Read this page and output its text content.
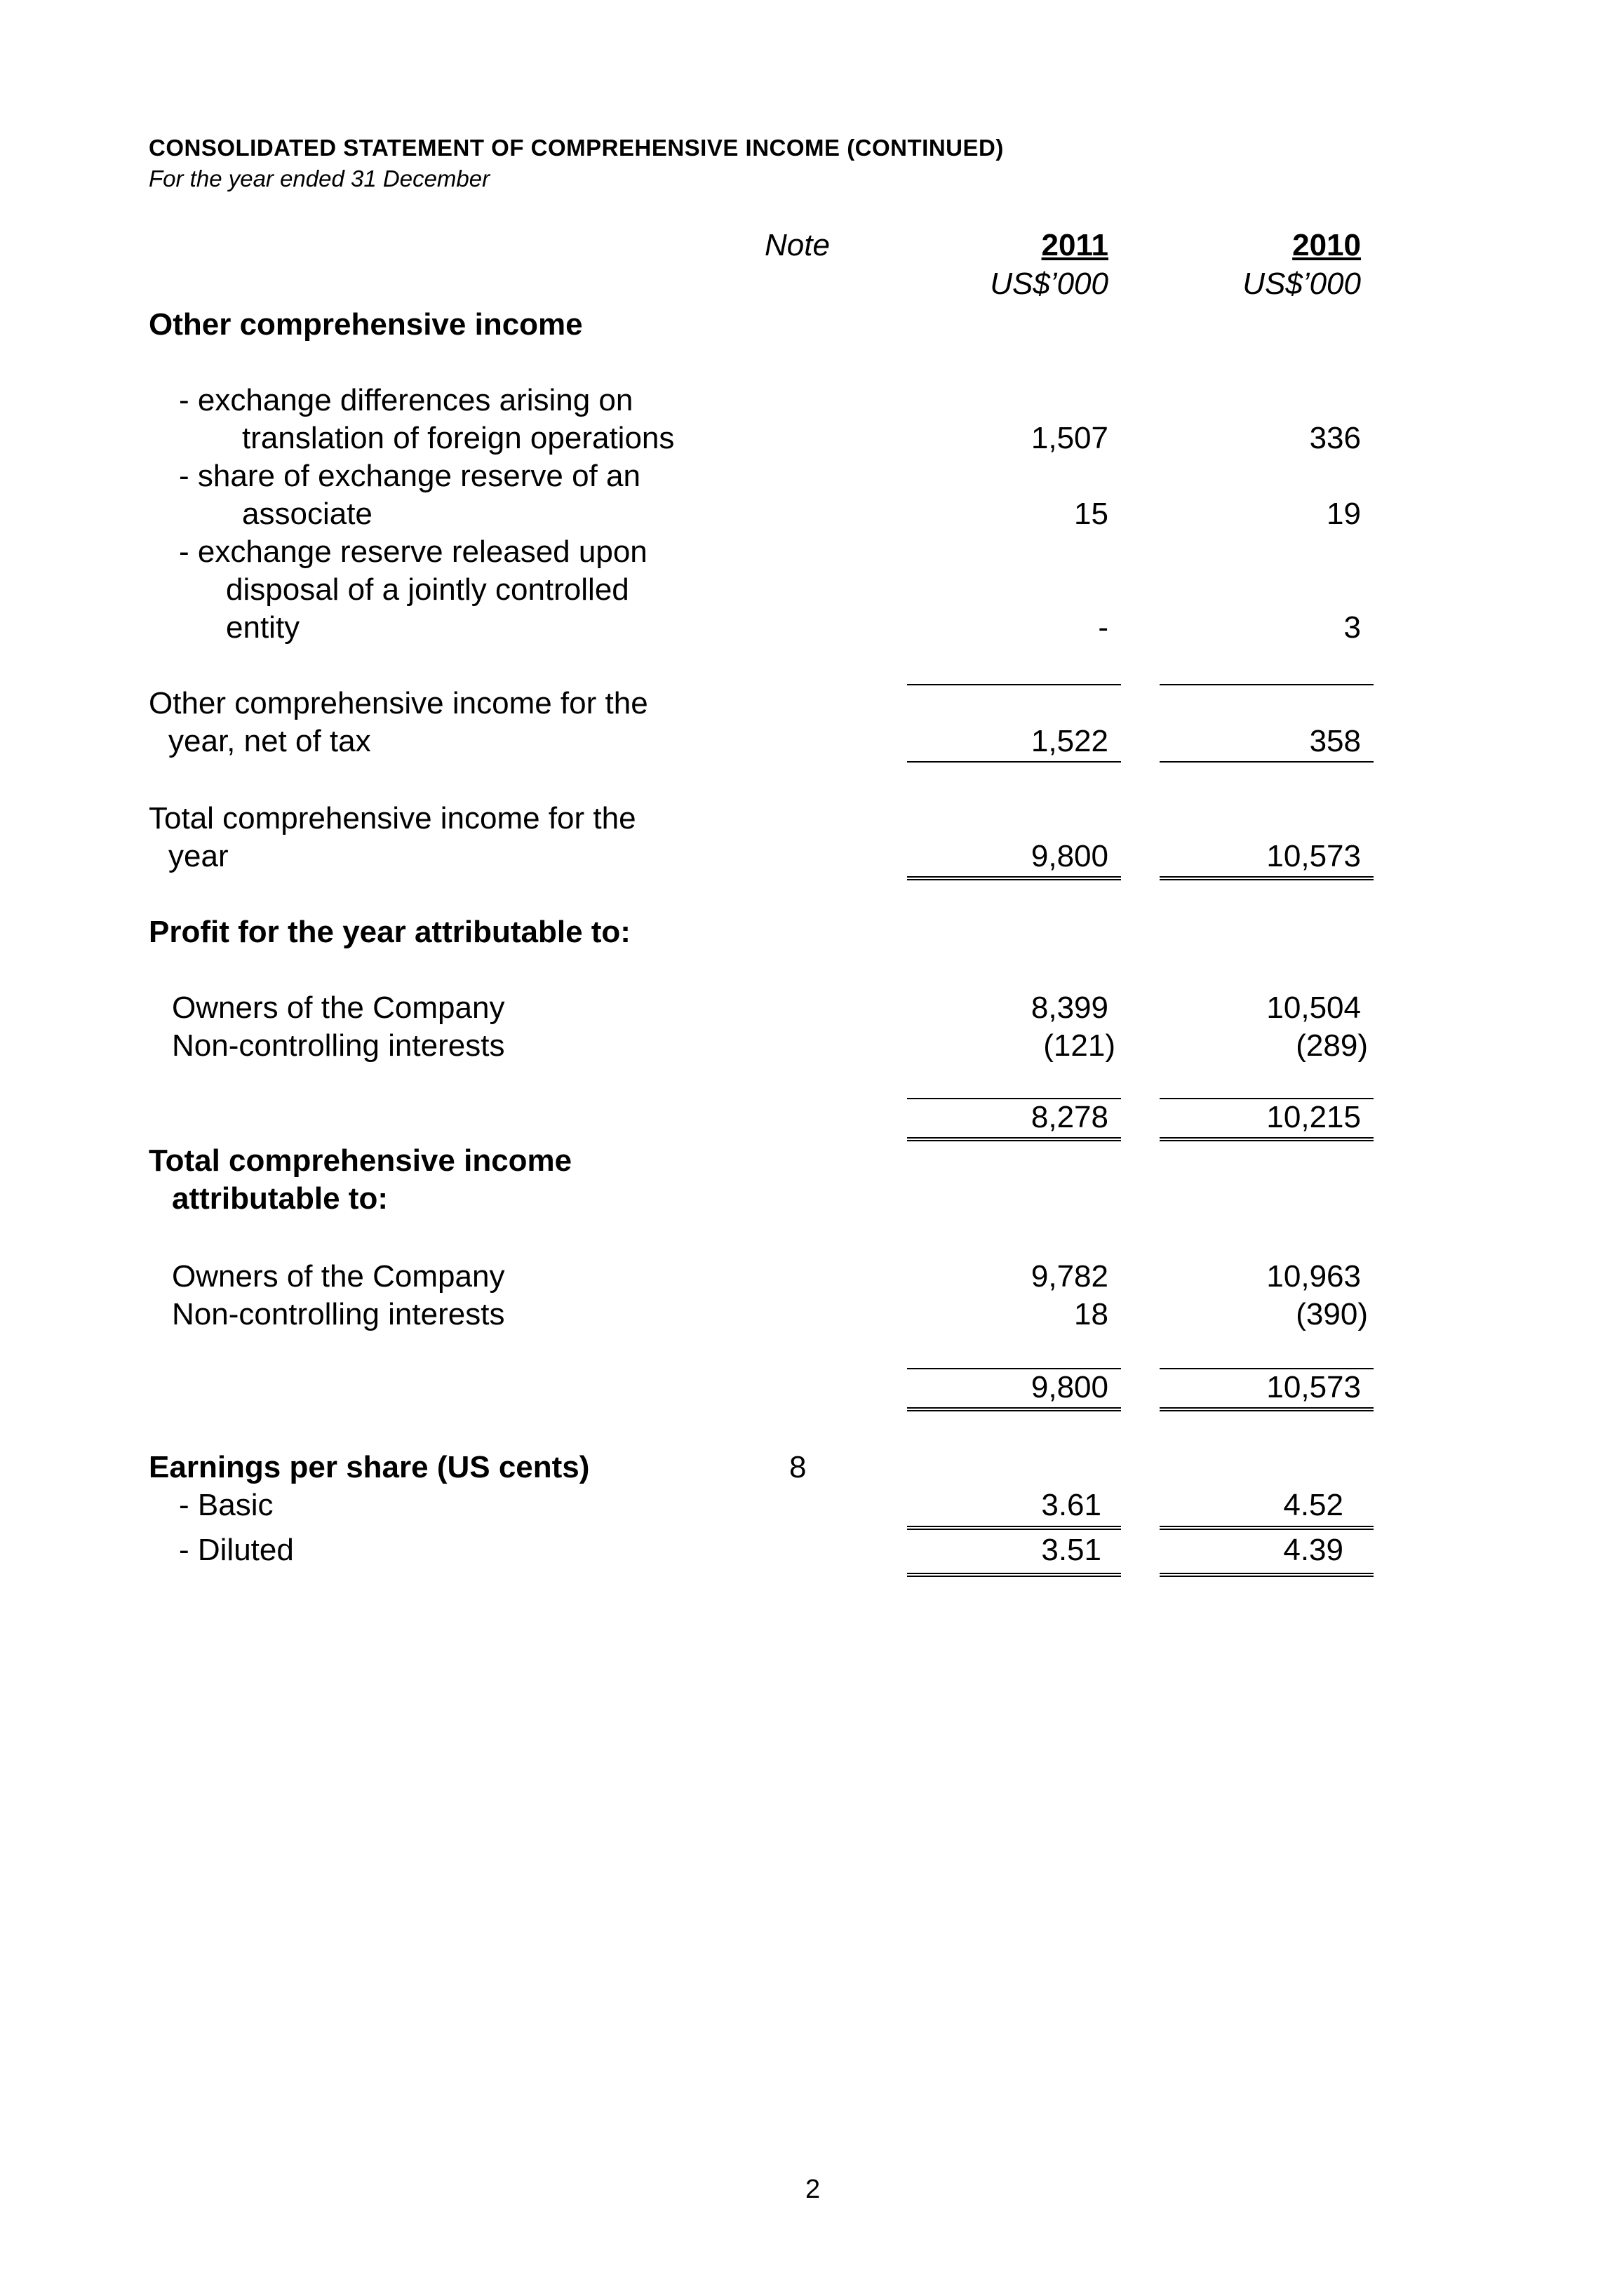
CONSOLIDATED STATEMENT OF COMPREHENSIVE INCOME (CONTINUED)
For the year ended 31 December
Note	2011	2010
US$’000	US$’000
Other comprehensive income
- exchange differences arising on
translation of foreign operations	1,507	336
- share of exchange reserve of an
associate	15	19
- exchange reserve released upon
disposal of a jointly controlled
entity	-	3
Other comprehensive income for the
year, net of tax	1,522	358
Total comprehensive income for the
year	9,800	10,573
Profit for the year attributable to:
Owners of the Company	8,399	10,504
Non-controlling interests	(121)	(289)
8,278	10,215
Total comprehensive income
attributable to:
Owners of the Company	9,782	10,963
Non-controlling interests	18	(390)
9,800	10,573
Earnings per share (US cents)	8
- Basic	3.61	4.52
- Diluted	3.51	4.39
2
